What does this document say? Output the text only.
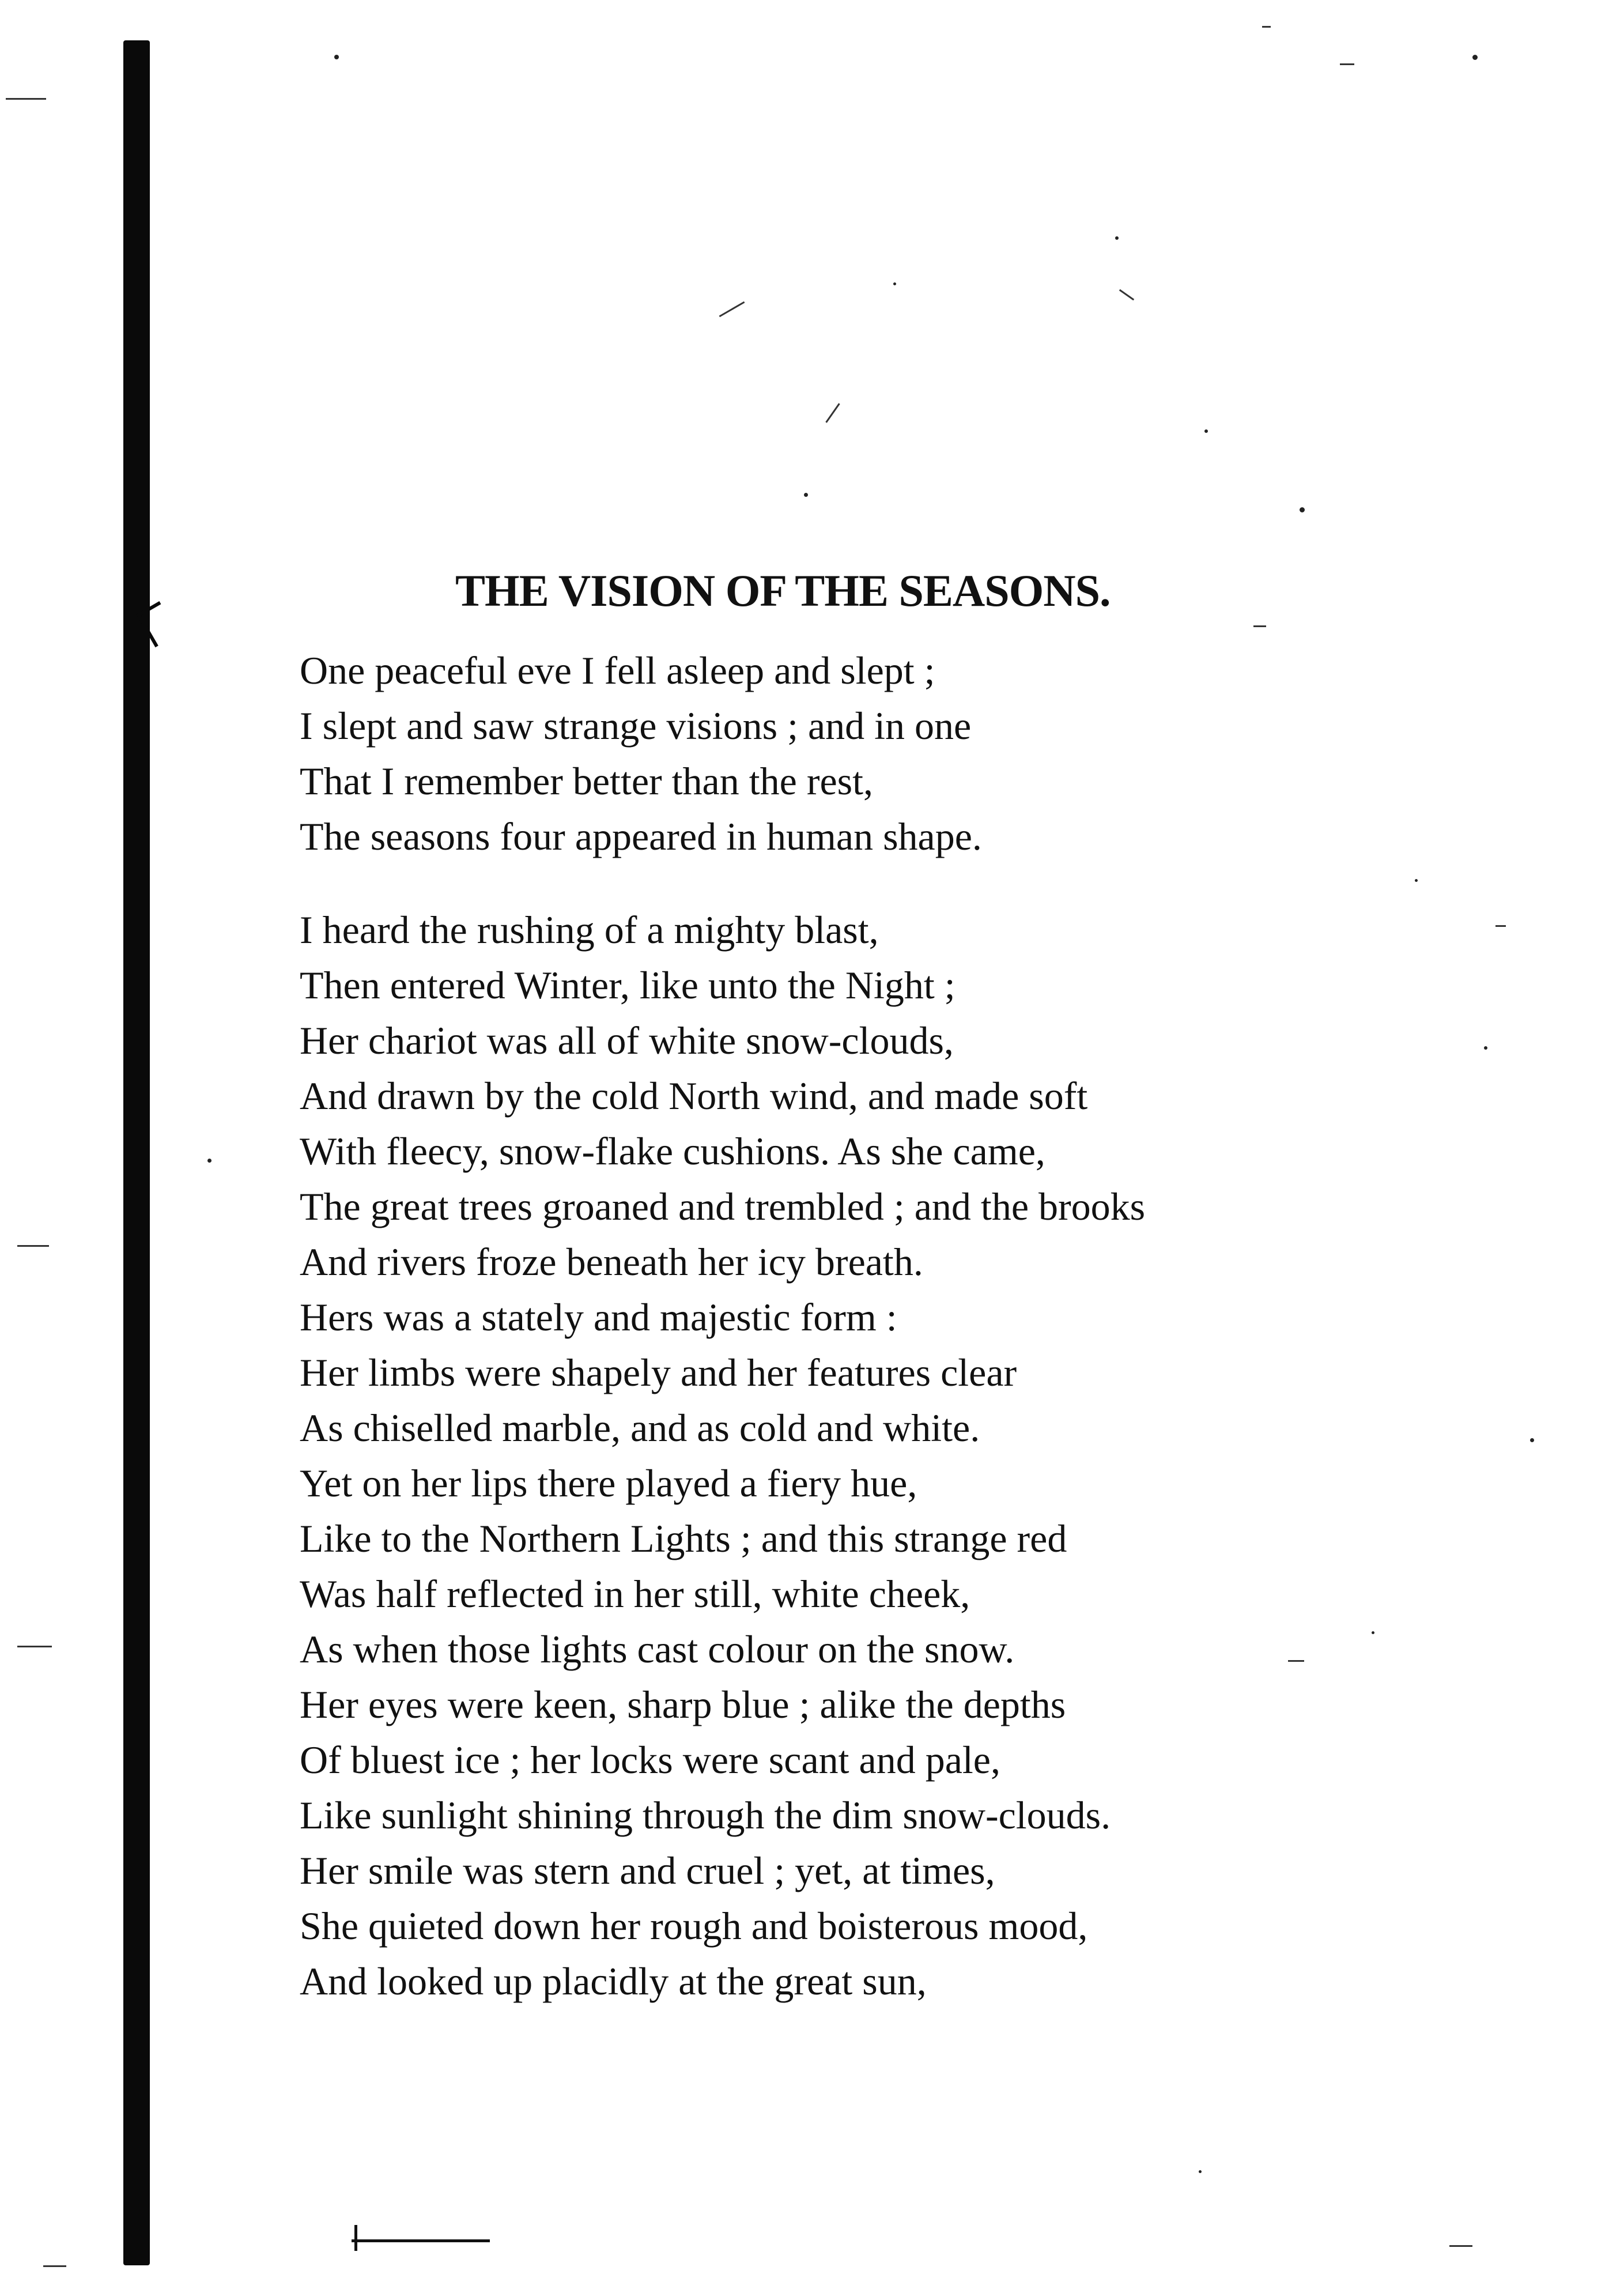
THE VISION OF THE SEASONS.
One peaceful eve I fell asleep and slept ;
I slept and saw strange visions ; and in one
That I remember better than the rest,
The seasons four appeared in human shape.
I heard the rushing of a mighty blast,
Then entered Winter, like unto the Night ;
Her chariot was all of white snow-clouds,
And drawn by the cold North wind, and made soft
With fleecy, snow-flake cushions. As she came,
The great trees groaned and trembled ; and the brooks
And rivers froze beneath her icy breath.
Hers was a stately and majestic form :
Her limbs were shapely and her features clear
As chiselled marble, and as cold and white.
Yet on her lips there played a fiery hue,
Like to the Northern Lights ; and this strange red
Was half reflected in her still, white cheek,
As when those lights cast colour on the snow.
Her eyes were keen, sharp blue ; alike the depths
Of bluest ice ; her locks were scant and pale,
Like sunlight shining through the dim snow-clouds.
Her smile was stern and cruel ; yet, at times,
She quieted down her rough and boisterous mood,
And looked up placidly at the great sun,
